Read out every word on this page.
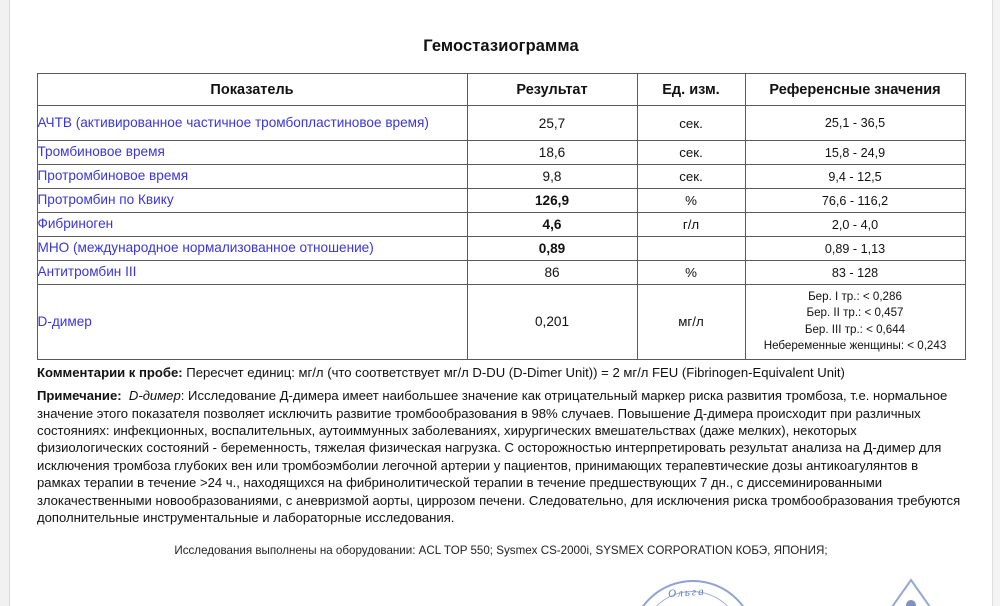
Гемостазиограмма
Показатель	Результат	Ед. изм.	Референсные значения
АЧТВ (активированное частичное тромбопластиновое время)	25,7	сек.	25,1 - 36,5
Тромбиновое время	18,6	сек.	15,8 - 24,9
Протромбиновое время	9,8	сек.	9,4 - 12,5
Протромбин по Квику	126,9	%	76,6 - 116,2
Фибриноген	4,6	г/л	2,0 - 4,0
МНО (международное нормализованное отношение)	0,89		0,89 - 1,13
Антитромбин III	86	%	83 - 128
D-димер	0,201	мг/л	Бер. I тр.: < 0,286
Бер. II тр.: < 0,457
Бер. III тр.: < 0,644
Небеременные женщины: < 0,243

Комментарии к пробе: Пересчет единиц: мг/л (что соответствует мг/л D-DU (D-Dimer Unit)) = 2 мг/л FEU (Fibrinogen-Equivalent Unit)

Примечание: D-димер: Исследование Д-димера имеет наибольшее значение как отрицательный маркер риска развития тромбоза, т.е. нормальное значение этого показателя позволяет исключить развитие тромбообразования в 98% случаев. Повышение Д-димера происходит при различных состояниях: инфекционных, воспалительных, аутоиммунных заболеваниях, хирургических вмешательствах (даже мелких), некоторых физиологических состояний - беременность, тяжелая физическая нагрузка. С осторожностью интерпретировать результат анализа на Д-димер для исключения тромбоза глубоких вен или тромбоэмболии легочной артерии у пациентов, принимающих терапевтические дозы антикоагулянтов в рамках терапии в течение >24 ч., находящихся на фибринолитической терапии в течение предшествующих 7 дн., с диссеминированными злокачественными новообразованиями, с аневризмой аорты, циррозом печени. Следовательно, для исключения риска тромбообразования требуются дополнительные инструментальные и лабораторные исследования.

Исследования выполнены на оборудовании: ACL TOP 550; Sysmex CS-2000i, SYSMEX CORPORATION КОБЭ, ЯПОНИЯ;
Ольга
